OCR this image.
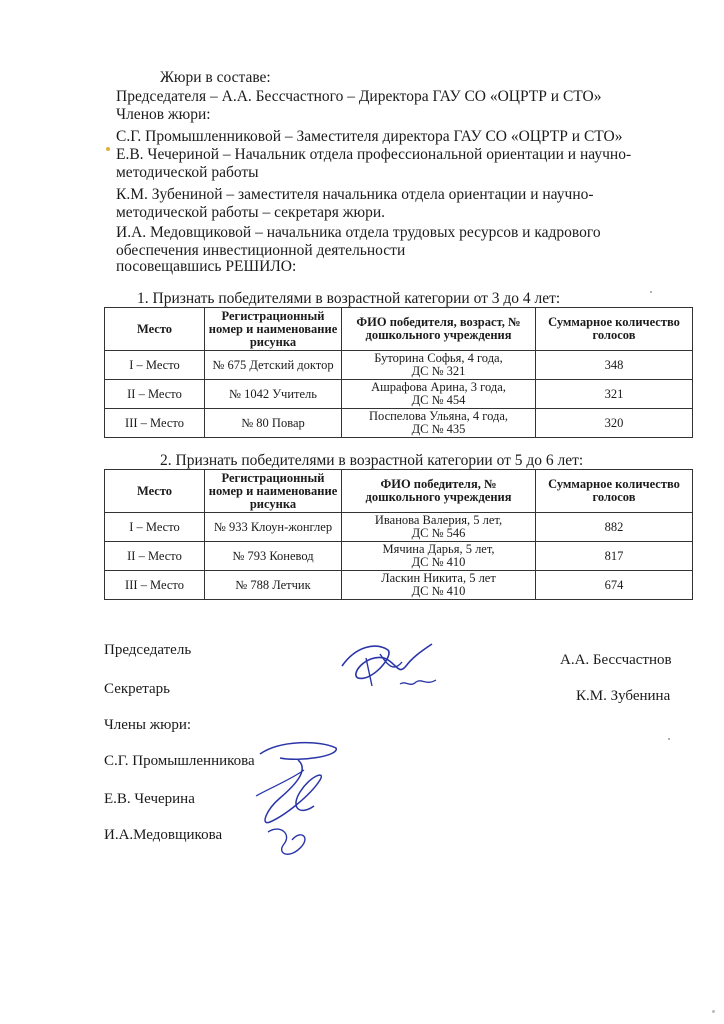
Жюри в составе:
Председателя – А.А. Бессчастного – Директора ГАУ СО «ОЦРТР и СТО»
Членов жюри:
С.Г. Промышленниковой – Заместителя директора ГАУ СО «ОЦРТР и СТО»
Е.В. Чечериной – Начальник отдела профессиональной ориентации и научно-
методической работы
К.М. Зубениной – заместителя начальника отдела ориентации и научно-
методической работы – секретаря жюри.
И.А. Медовщиковой – начальника отдела трудовых ресурсов и кадрового
обеспечения инвестиционной деятельности
посовещавшись РЕШИЛО:
1. Признать победителями в возрастной категории от 3 до 4 лет:
Место	Регистрационный номер и наименование рисунка	ФИО победителя, возраст, № дошкольного учреждения	Суммарное количество голосов
I – Место	№ 675 Детский доктор	Буторина Софья, 4 года,
ДС № 321	348
II – Место	№ 1042 Учитель	Ашрафова Арина, 3 года,
ДС № 454	321
III – Место	№ 80 Повар	Поспелова Ульяна, 4 года,
ДС № 435	320
2. Признать победителями в возрастной категории от 5 до 6 лет:
Место	Регистрационный номер и наименование рисунка	ФИО победителя, № дошкольного учреждения	Суммарное количество голосов
I – Место	№ 933 Клоун-жонглер	Иванова Валерия, 5 лет,
ДС № 546	882
II – Место	№ 793 Коневод	Мячина Дарья, 5 лет,
ДС № 410	817
III – Место	№ 788 Летчик	Ласкин Никита, 5 лет
ДС № 410	674
Председатель
А.А. Бессчастнов
Секретарь	К.М. Зубенина
Члены жюри:
С.Г. Промышленникова
Е.В. Чечерина
И.А.Медовщикова
